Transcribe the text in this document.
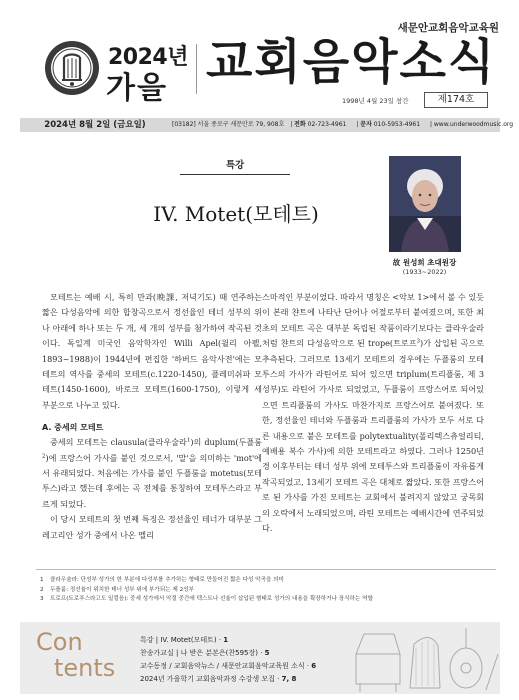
2024년
가을
새문안교회음악교육원
교회음악소식
1998년 4월 23일 창간	제174호
2024년 8월 2일 (금요일)	[03182] 서울 종로구 새문안로 79, 908호 | 전화 02-723-4961 | 문자 010-5953-4961 | www.underwoodmusic.org
특강
IV. Motet(모테트)
故 원성희 초대원장
(1933~2022)

모테트는 예배 시, 특히 만과(晩課, 저녁기도) 때 연주하는 짧은 다성음악에 의한 합창곡으로서 정선율인 테너 성부의 위나 아래에 하나 또는 두 개, 세 개의 성부를 첨가하여 작곡된 것이다. 독일계 미국인 음악학자인 Willi Apel(윌리 아펠, 1893~1988)이 1944년에 편집한 '하버드 음악사전'에는 모테트의 역사를 중세의 모테트(c.1220-1450), 플레미쉬파 모테트(1450-1600), 바로크 모테트(1600-1750), 이렇게 세 부분으로 나누고 있다.

A. 중세의 모테트

중세의 모테트는 clausula(클라우술라$^1$)의 duplum(두플룸$^2$)에 프랑스어 가사를 붙인 것으로서, '말'을 의미하는 'mot'에서 유래되었다. 처음에는 가사를 붙인 두플룸을 motetus(모테투스)라고 했는데 후에는 곡 전체를 통칭하여 모테투스라고 부르게 되었다.

이 당시 모테트의 첫 번째 특징은 정선율인 테너가 대부분 그레고리안 성가 중에서 나온 멜리

스마적인 부분이었다. 따라서 명칭은 <악보 1>에서 볼 수 있듯이 본래 챤트에 나타난 단어나 어절로부터 붙여졌으며, 또한 최초의 모테트 곡은 대부분 독립된 작품이라기보다는 클라우술라처럼 챤트의 다성음악으로 된 trope(트로프$^3$)가 삽입된 곡으로 추측된다. 그러므로 13세기 모테트의 경우에는 두플룸의 모테투스의 가사가 라틴어로 되어 있으면 triplum(트리플룸, 제 3성부)도 라틴어 가사로 되었었고, 두플룸이 프랑스어로 되어있으면 트리플룸의 가사도 마찬가지로 프랑스어로 붙여졌다. 또한, 정선율인 테너와 두플룸과 트리플룸의 가사가 모두 서로 다른 내용으로 붙은 모테트를 polytextuality(폴리텍스츄얼리티, 예배용 복수 가사)에 의한 모테트라고 하였다. 그러나 1250년경 이후부터는 테너 성부 위에 모테투스와 트리플룸이 자유롭게 작곡되었고, 13세기 모테트 곡은 대체로 짧았다. 또한 프랑스어로 된 가사를 가진 모테트는 교회에서 불려지지 않았고 궁목회의 오락에서 노래되었으며, 라틴 모테트는 예배시간에 연주되었다.

1 클라우술라: 단성부 성가의 한 부분에 다성부를 추가하는 형태로 만들어진 짧은 다성 악곡을 의미
2 두플룸: 정선율이 위치한 테너 성부 위에 부가되는 제 2성부
3 트로프(트로푸스라고도 일컬음): 중세 성가에서 악절 중간에 텍스트나 선율이 삽입된 형태로 성가의 내용을 확장하거나 장식하는 역할
Con
tents
특강 | IV. Motet(모테트) · 1
찬송가교실 | 나 받은 분본은(찬595장) · 5
교수동정 / 교회음악뉴스 / 새문안교회음악교육원 소식 · 6
2024년 가을학기 교회음악과정 수강생 모집 · 7, 8
